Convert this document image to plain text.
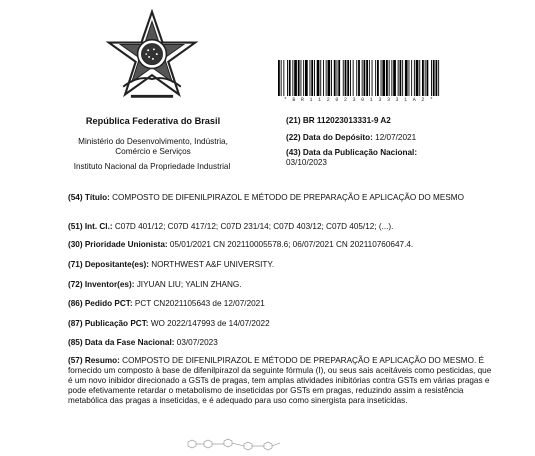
República Federativa do Brasil
Ministério do Desenvolvimento, Indústria,
Comércio e Serviços
Instituto Nacional da Propriedade Industrial
* B R 1 1 2 0 2 3 0 1 3 3 3 1 A 2 *
(21) BR 112023013331-9 A2
(22) Data do Depósito: 12/07/2021
(43) Data da Publicação Nacional:
03/10/2023
(54) Título: COMPOSTO DE DIFENILPIRAZOL E MÉTODO DE PREPARAÇÃO E APLICAÇÃO DO MESMO
(51) Int. Cl.: C07D 401/12; C07D 417/12; C07D 231/14; C07D 403/12; C07D 405/12; (...).
(30) Prioridade Unionista: 05/01/2021 CN 202110005578.6; 06/07/2021 CN 202110760647.4.
(71) Depositante(es): NORTHWEST A&F UNIVERSITY.
(72) Inventor(es): JIYUAN LIU; YALIN ZHANG.
(86) Pedido PCT: PCT CN2021105643 de 12/07/2021
(87) Publicação PCT: WO 2022/147993 de 14/07/2022
(85) Data da Fase Nacional: 03/07/2023
(57) Resumo: COMPOSTO DE DIFENILPIRAZOL E MÉTODO DE PREPARAÇÃO E APLICAÇÃO DO MESMO. É fornecido um composto à base de difenilpirazol da seguinte fórmula (I), ou seus sais aceitáveis como pesticidas, que é um novo inibidor direcionado a GSTs de pragas, tem amplas atividades inibitórias contra GSTs em várias pragas e pode efetivamente retardar o metabolismo de inseticidas por GSTs em pragas, reduzindo assim a resistência metabólica das pragas a inseticidas, e é adequado para uso como sinergista para inseticidas.
